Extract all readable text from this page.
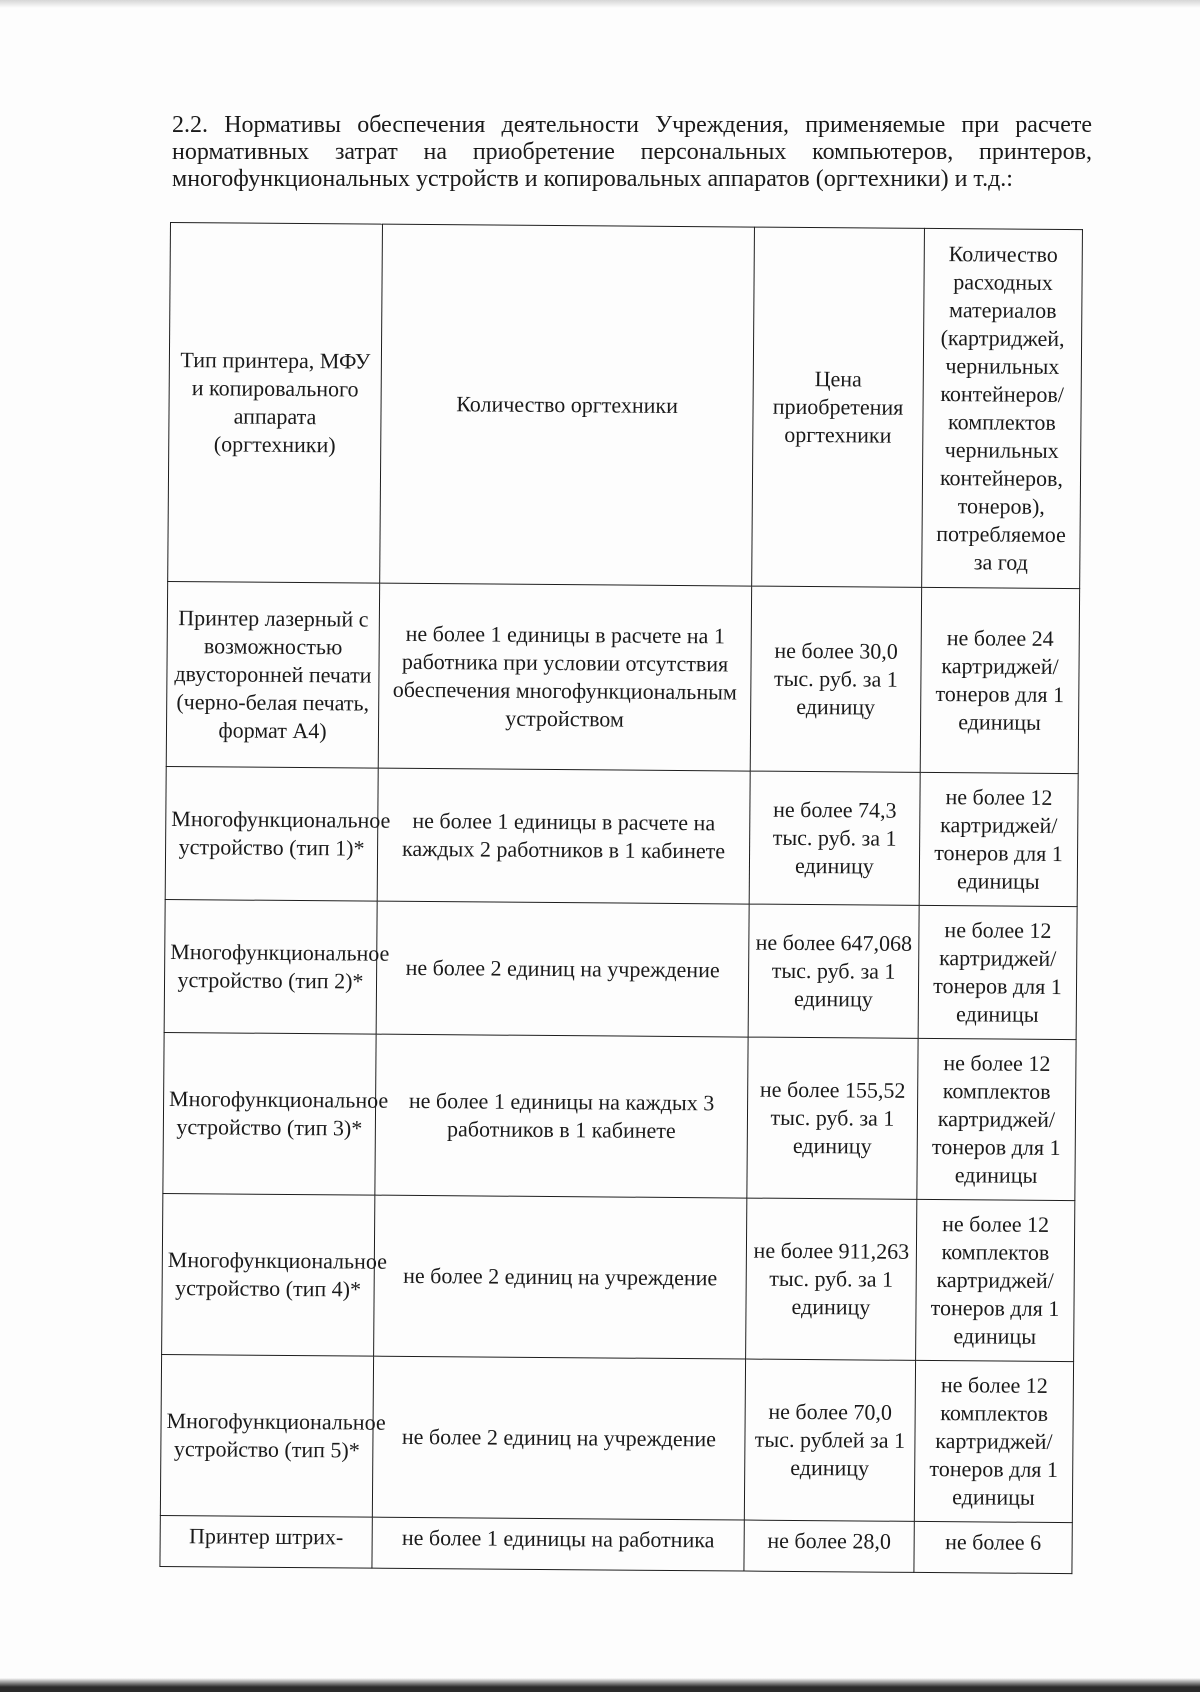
2.2. Нормативы обеспечения деятельности Учреждения, применяемые при расчете нормативных затрат на приобретение персональных компьютеров, принтеров, многофункциональных устройств и копировальных аппаратов (оргтехники) и т.д.:

Тип принтера, МФУ и копировального аппарата (оргтехники)	Количество оргтехники	Цена приобретения оргтехники	Количество расходных материалов (картриджей, чернильных контейнеров/ комплектов чернильных контейнеров, тонеров), потребляемое за год
Принтер лазерный с возможностью двусторонней печати (черно-белая печать, формат А4)	не более 1 единицы в расчете на 1 работника при условии отсутствия обеспечения многофункциональным устройством	не более 30,0 тыс. руб. за 1 единицу	не более 24 картриджей/тонеров для 1 единицы
Многофункциональное устройство (тип 1)*	не более 1 единицы в расчете на каждых 2 работников в 1 кабинете	не более 74,3 тыс. руб. за 1 единицу	не более 12 картриджей/тонеров для 1 единицы
Многофункциональное устройство (тип 2)*	не более 2 единиц на учреждение	не более 647,068 тыс. руб. за 1 единицу	не более 12 картриджей/тонеров для 1 единицы
Многофункциональное устройство (тип 3)*	не более 1 единицы на каждых 3 работников в 1 кабинете	не более 155,52 тыс. руб. за 1 единицу	не более 12 комплектов картриджей/тонеров для 1 единицы
Многофункциональное устройство (тип 4)*	не более 2 единиц на учреждение	не более 911,263 тыс. руб. за 1 единицу	не более 12 комплектов картриджей/тонеров для 1 единицы
Многофункциональное устройство (тип 5)*	не более 2 единиц на учреждение	не более 70,0 тыс. рублей за 1 единицу	не более 12 комплектов картриджей/тонеров для 1 единицы
Принтер штрих-	не более 1 единицы на работника	не более 28,0	не более 6
